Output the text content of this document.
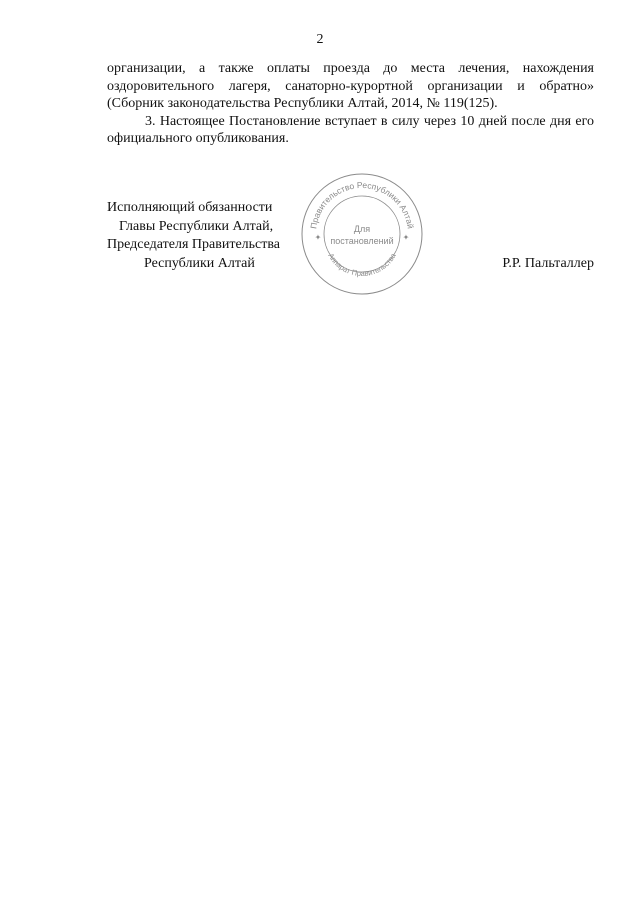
2

организации, а также оплаты проезда до места лечения, нахождения
оздоровительного лагеря, санаторно-курортной организации и обратно»
(Сборник законодательства Республики Алтай, 2014, № 119(125).

3. Настоящее Постановление вступает в силу через 10 дней после дня его официального опубликования.

Исполняющий обязанности
Главы Республики Алтай,
Председателя Правительства
Республики Алтай
Правительство Республики Алтай
Аппарат Правительства
✦	✦
Для
постановлений
Р.Р. Пальталлер
